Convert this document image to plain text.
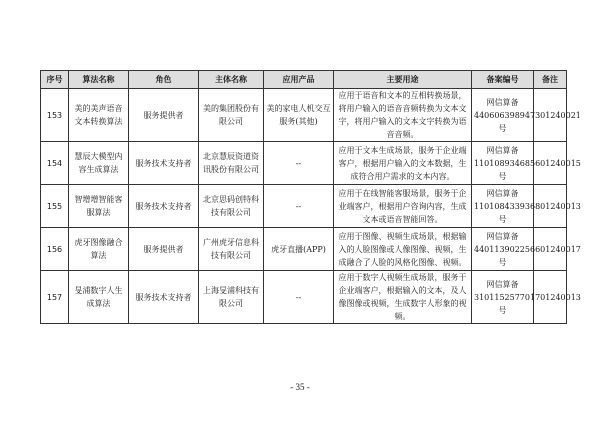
序号	算法名称	角色	主体名称	应用产品	主要用途	备案编号	备注
153	美的美声语音文本转换算法	服务提供者	美的集团股份有限公司	美的家电人机交互服务(其他)	应用于语音和文本的互相转换场景，将用户输入的语音音频转换为文本文字，将用户输入的文本文字转换为语音音频。	网信算备440606398947301240021号	
154	慧辰大模型内容生成算法	服务技术支持者	北京慧辰资道资讯股份有限公司	--	应用于文本生成场景，服务于企业端客户，根据用户输入的文本数据，生成符合用户需求的文本内容。	网信算备110108934685601240015号	
155	智增增智能客服算法	服务技术支持者	北京思码创特科技有限公司	--	应用于在线智能客服场景，服务于企业端客户，根据用户咨询内容，生成文本或语音智能回答。	网信算备110108433936801240013号	
156	虎牙图像融合算法	服务提供者	广州虎牙信息科技有限公司	虎牙直播(APP)	应用于图像、视频生成场景，根据输入的人脸图像或人像图像、视频，生成融合了人脸的风格化图像、视频。	网信算备440113902256601240017号	
157	旻浦数字人生成算法	服务技术支持者	上海旻浦科技有限公司	--	应用于数字人视频生成场景，服务于企业端客户，根据输入的文本，及人像图像或视频，生成数字人形象的视频。	网信算备310115257701701240013号	
- 35 -
